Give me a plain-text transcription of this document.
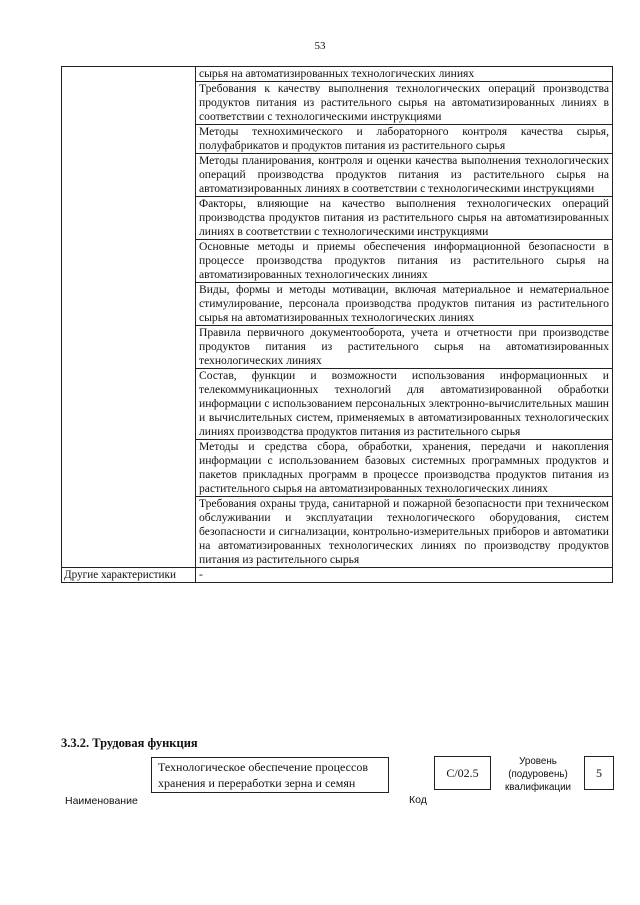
53
	сырья на автоматизированных технологических линиях
	Требования к качеству выполнения технологических операций производства продуктов питания из растительного сырья на автоматизированных линиях в соответствии с технологическими инструкциями
	Методы технохимического и лабораторного контроля качества сырья, полуфабрикатов и продуктов питания из растительного сырья
	Методы планирования, контроля и оценки качества выполнения технологических операций производства продуктов питания из растительного сырья на автоматизированных линиях в соответствии с технологическими инструкциями
	Факторы, влияющие на качество выполнения технологических операций производства продуктов питания из растительного сырья на автоматизированных линиях в соответствии с технологическими инструкциями
	Основные методы и приемы обеспечения информационной безопасности в процессе производства продуктов питания из растительного сырья на автоматизированных технологических линиях
	Виды, формы и методы мотивации, включая материальное и нематериальное стимулирование, персонала производства продуктов питания из растительного сырья на автоматизированных технологических линиях
	Правила первичного документооборота, учета и отчетности при производстве продуктов питания из растительного сырья на автоматизированных технологических линиях
	Состав, функции и возможности использования информационных и телекоммуникационных технологий для автоматизированной обработки информации с использованием персональных электронно-вычислительных машин и вычислительных систем, применяемых в автоматизированных технологических линиях производства продуктов питания из растительного сырья
	Методы и средства сбора, обработки, хранения, передачи и накопления информации с использованием базовых системных программных продуктов и пакетов прикладных программ в процессе производства продуктов питания из растительного сырья на автоматизированных технологических линиях
	Требования охраны труда, санитарной и пожарной безопасности при техническом обслуживании и эксплуатации технологического оборудования, систем безопасности и сигнализации, контрольно-измерительных приборов и автоматики на автоматизированных технологических линиях по производству продуктов питания из растительного сырья
Другие характеристики	-
3.3.2. Трудовая функция
Наименование
Технологическое обеспечение процессов хранения и переработки зерна и семян
Код
C/02.5
Уровень (подуровень) квалификации
5
